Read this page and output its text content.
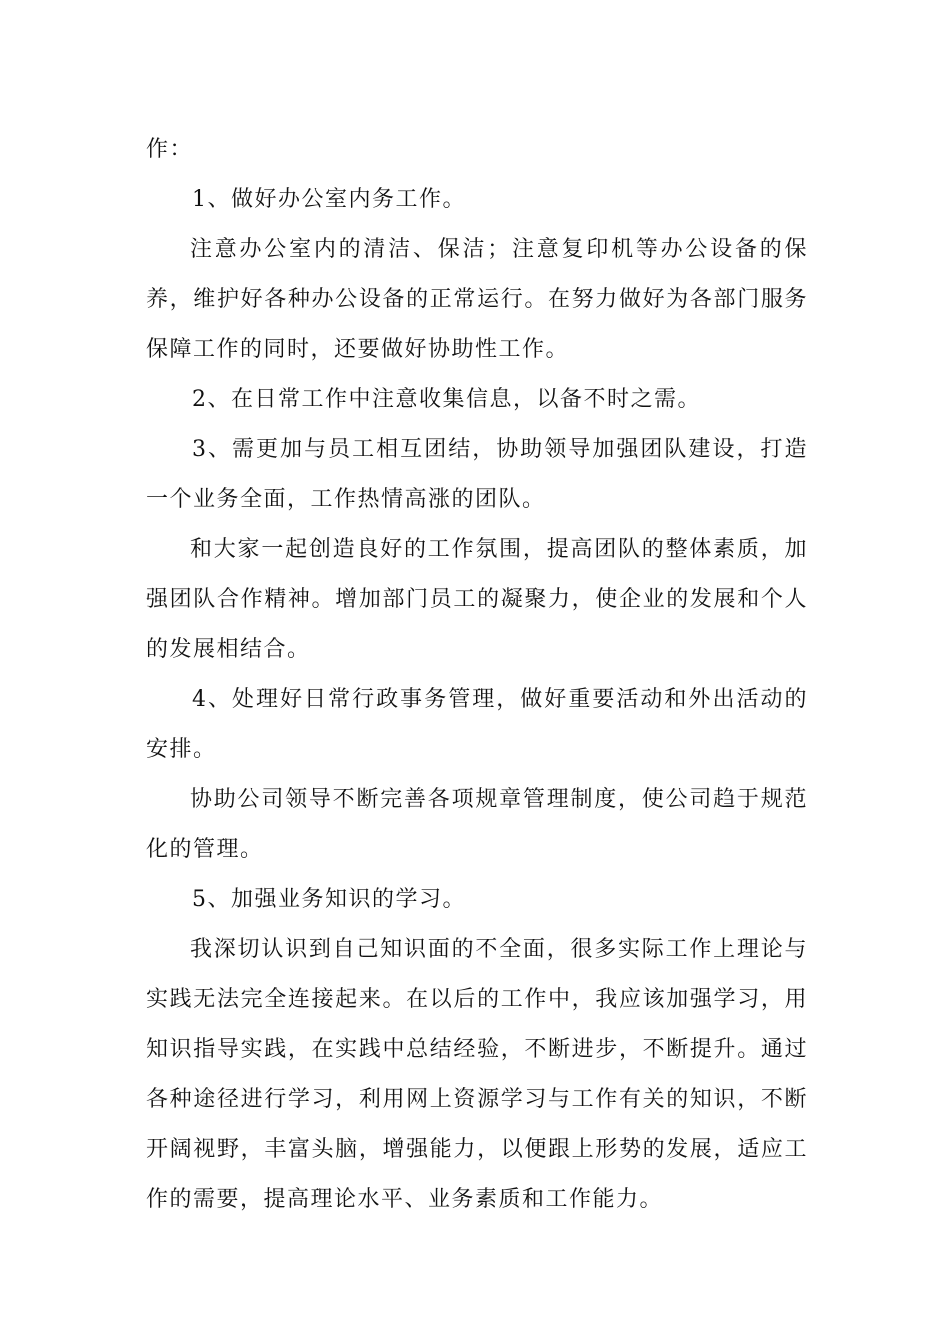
作：

1、做好办公室内务工作。

注意办公室内的清洁、保洁；注意复印机等办公设备的保养，维护好各种办公设备的正常运行。在努力做好为各部门服务保障工作的同时，还要做好协助性工作。

2、在日常工作中注意收集信息，以备不时之需。

3、需更加与员工相互团结，协助领导加强团队建设，打造一个业务全面，工作热情高涨的团队。

和大家一起创造良好的工作氛围，提高团队的整体素质，加强团队合作精神。增加部门员工的凝聚力，使企业的发展和个人的发展相结合。

4、处理好日常行政事务管理，做好重要活动和外出活动的安排。

协助公司领导不断完善各项规章管理制度，使公司趋于规范化的管理。

5、加强业务知识的学习。

我深切认识到自己知识面的不全面，很多实际工作上理论与实践无法完全连接起来。在以后的工作中，我应该加强学习，用知识指导实践，在实践中总结经验，不断进步，不断提升。通过各种途径进行学习，利用网上资源学习与工作有关的知识，不断开阔视野，丰富头脑，增强能力，以便跟上形势的发展，适应工作的需要，提高理论水平、业务素质和工作能力。
